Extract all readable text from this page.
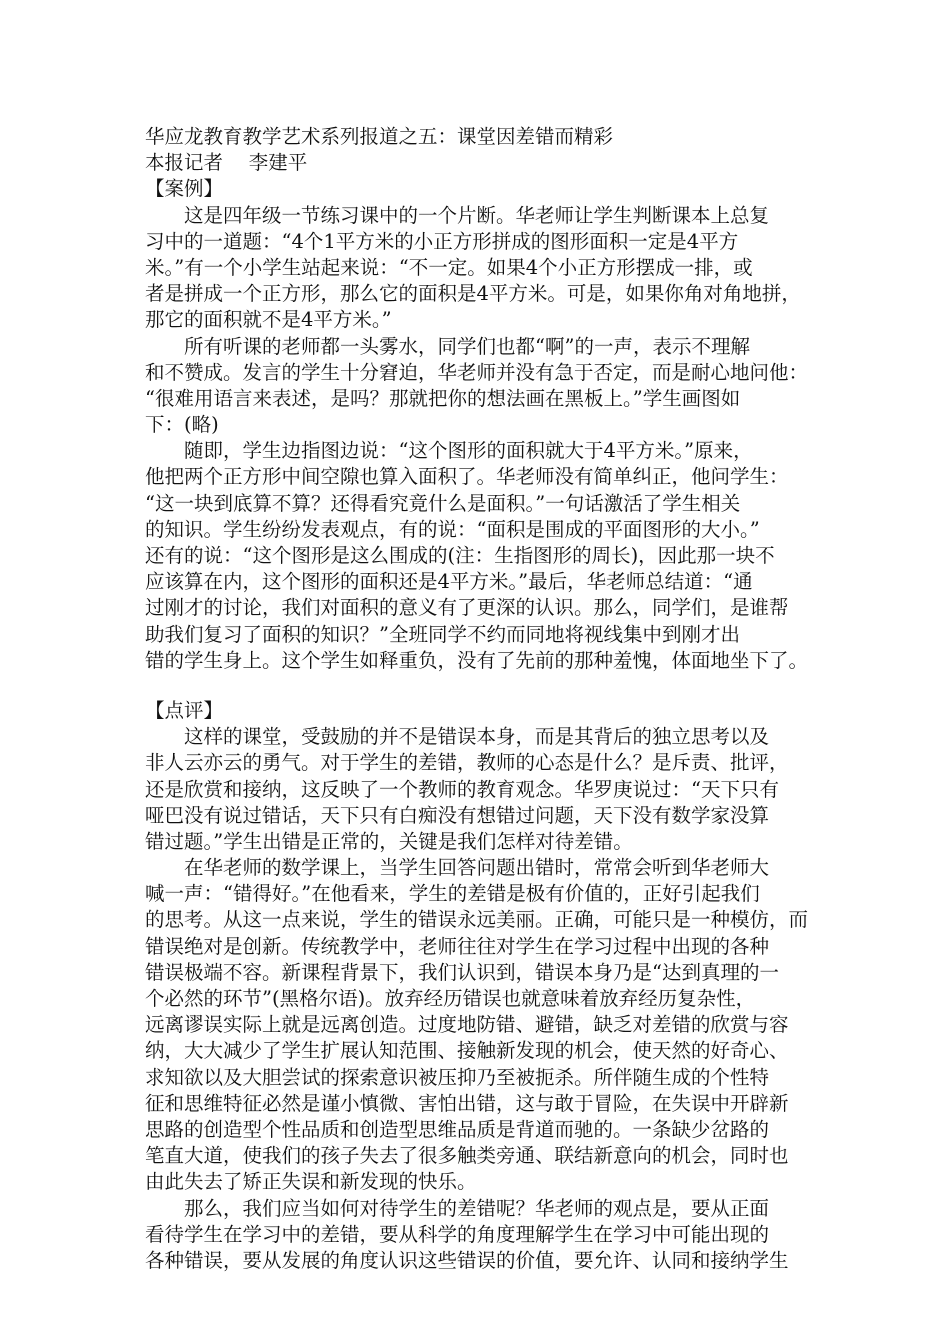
华应龙教育教学艺术系列报道之五：课堂因差错而精彩
本报记者　 李建平
【案例】
这是四年级一节练习课中的一个片断。华老师让学生判断课本上总复
习中的一道题：“4个1平方米的小正方形拼成的图形面积一定是4平方
米。”有一个小学生站起来说：“不一定。如果4个小正方形摆成一排，或
者是拼成一个正方形，那么它的面积是4平方米。可是，如果你角对角地拼，
那它的面积就不是4平方米。”
所有听课的老师都一头雾水，同学们也都“啊”的一声，表示不理解
和不赞成。发言的学生十分窘迫，华老师并没有急于否定，而是耐心地问他：
“很难用语言来表述，是吗？那就把你的想法画在黑板上。”学生画图如
下：(略)
随即，学生边指图边说：“这个图形的面积就大于4平方米。”原来，
他把两个正方形中间空隙也算入面积了。华老师没有简单纠正，他问学生：
“这一块到底算不算？还得看究竟什么是面积。”一句话激活了学生相关
的知识。学生纷纷发表观点，有的说：“面积是围成的平面图形的大小。”
还有的说：“这个图形是这么围成的(注：生指图形的周长)，因此那一块不
应该算在内，这个图形的面积还是4平方米。”最后，华老师总结道：“通
过刚才的讨论，我们对面积的意义有了更深的认识。那么，同学们，是谁帮
助我们复习了面积的知识？”全班同学不约而同地将视线集中到刚才出
错的学生身上。这个学生如释重负，没有了先前的那种羞愧，体面地坐下了。
【点评】
这样的课堂，受鼓励的并不是错误本身，而是其背后的独立思考以及
非人云亦云的勇气。对于学生的差错，教师的心态是什么？是斥责、批评，
还是欣赏和接纳，这反映了一个教师的教育观念。华罗庚说过：“天下只有
哑巴没有说过错话，天下只有白痴没有想错过问题，天下没有数学家没算
错过题。”学生出错是正常的，关键是我们怎样对待差错。
在华老师的数学课上，当学生回答问题出错时，常常会听到华老师大
喊一声：“错得好。”在他看来，学生的差错是极有价值的，正好引起我们
的思考。从这一点来说，学生的错误永远美丽。正确，可能只是一种模仿，而
错误绝对是创新。传统教学中，老师往往对学生在学习过程中出现的各种
错误极端不容。新课程背景下，我们认识到，错误本身乃是“达到真理的一
个必然的环节”(黑格尔语)。放弃经历错误也就意味着放弃经历复杂性，
远离谬误实际上就是远离创造。过度地防错、避错，缺乏对差错的欣赏与容
纳，大大减少了学生扩展认知范围、接触新发现的机会，使天然的好奇心、
求知欲以及大胆尝试的探索意识被压抑乃至被扼杀。所伴随生成的个性特
征和思维特征必然是谨小慎微、害怕出错，这与敢于冒险，在失误中开辟新
思路的创造型个性品质和创造型思维品质是背道而驰的。一条缺少岔路的
笔直大道，使我们的孩子失去了很多触类旁通、联结新意向的机会，同时也
由此失去了矫正失误和新发现的快乐。
那么，我们应当如何对待学生的差错呢？华老师的观点是，要从正面
看待学生在学习中的差错，要从科学的角度理解学生在学习中可能出现的
各种错误，要从发展的角度认识这些错误的价值，要允许、认同和接纳学生
